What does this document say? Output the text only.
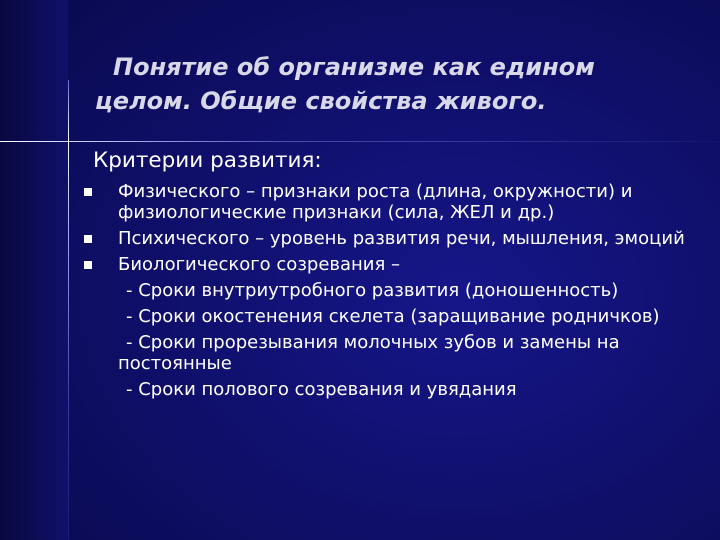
Понятие об организме как едином
целом. Общие свойства живого.
Критерии развития:
Физического – признаки роста (длина, окружности) и физиологические признаки (сила, ЖЕЛ и др.)
Психического – уровень развития речи, мышления, эмоций
Биологического созревания –
- Сроки внутриутробного развития (доношенность)
- Сроки окостенения скелета (заращивание родничков)
- Сроки прорезывания молочных зубов и замены на постоянные
- Сроки полового созревания и увядания
